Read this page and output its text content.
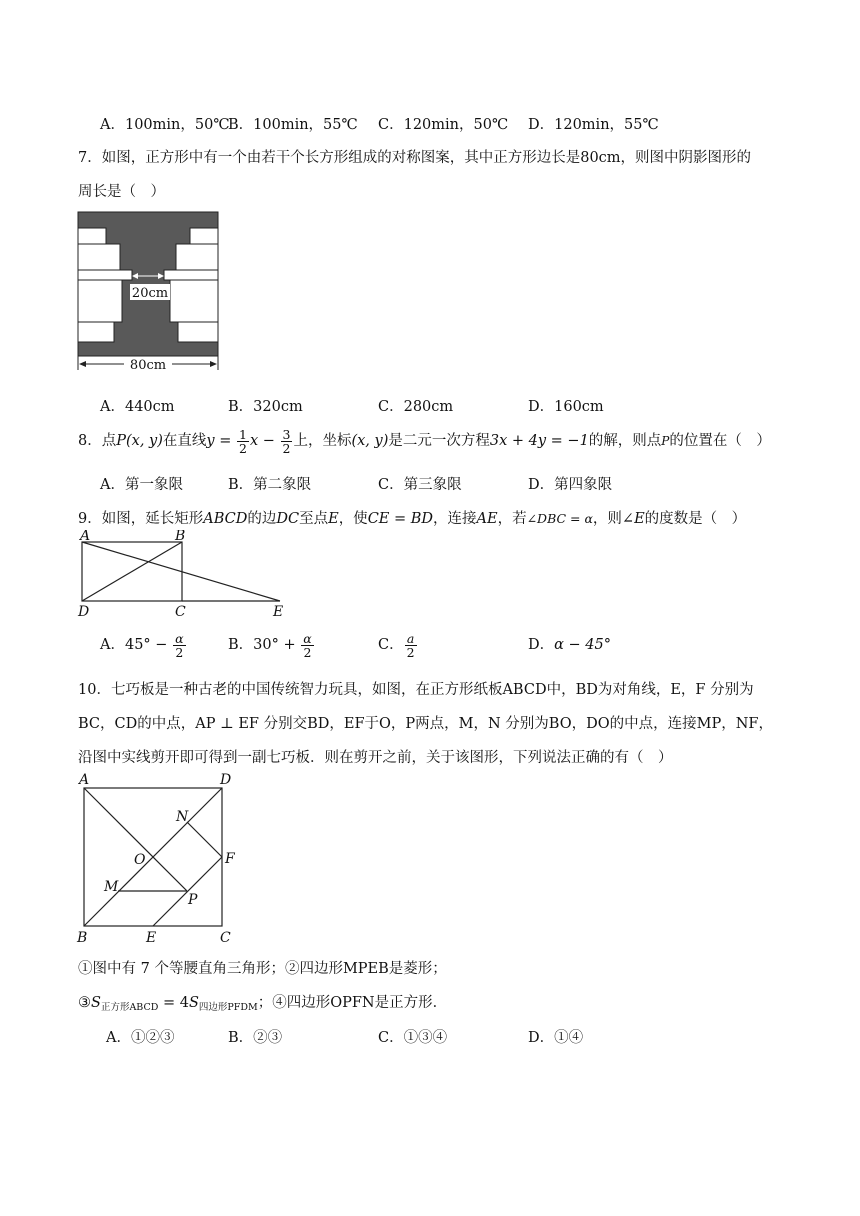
A．100min，50℃
B．100min，55℃ C．120min，50℃ D．120min，55℃
7．如图，正方形中有一个由若干个长方形组成的对称图案，其中正方形边长是80cm，则图中阴影图形的
周长是（　）
20cm
80cm
A．440cm	B．320cm	C．280cm	D．160cm
8．点P(x, y)在直线$y = \frac{1}{2}$ $x - \frac{3}{2}$ 上，坐标(x, y)是二元一次方程3x + 4y = −1的解，则点P的位置在（　）
A．第一象限	B．第二象限	C．第三象限	D．第四象限
9．如图，延长矩形ABCD的边DC至点E，使CE = BD，连接AE，若∠DBC = α，则∠E的度数是（　）
A	B
D	C	E
A．$45^\circ - \frac{\alpha}{2}$	B．$30^\circ + \frac{\alpha}{2}$	C． $\frac{a}{2}$	D．α − 45°
10．七巧板是一种古老的中国传统智力玩具，如图，在正方形纸板ABCD中，BD为对角线，E，F 分别为
BC，CD的中点，AP ⊥ EF 分别交BD，EF于O，P两点，M，N 分别为BO，DO的中点，连接MP，NF，
沿图中实线剪开即可得到一副七巧板．则在剪开之前，关于该图形，下列说法正确的有（　）
A	D
B	C
E
F
N
O
M
P
①图中有 7 个等腰直角三角形；②四边形MPEB是菱形；
$③S_{正方形ABCD} = 4S_{四边形PFDM}$；④四边形OPFN是正方形．
A．①②③	B．②③	C．①③④	D．①④
